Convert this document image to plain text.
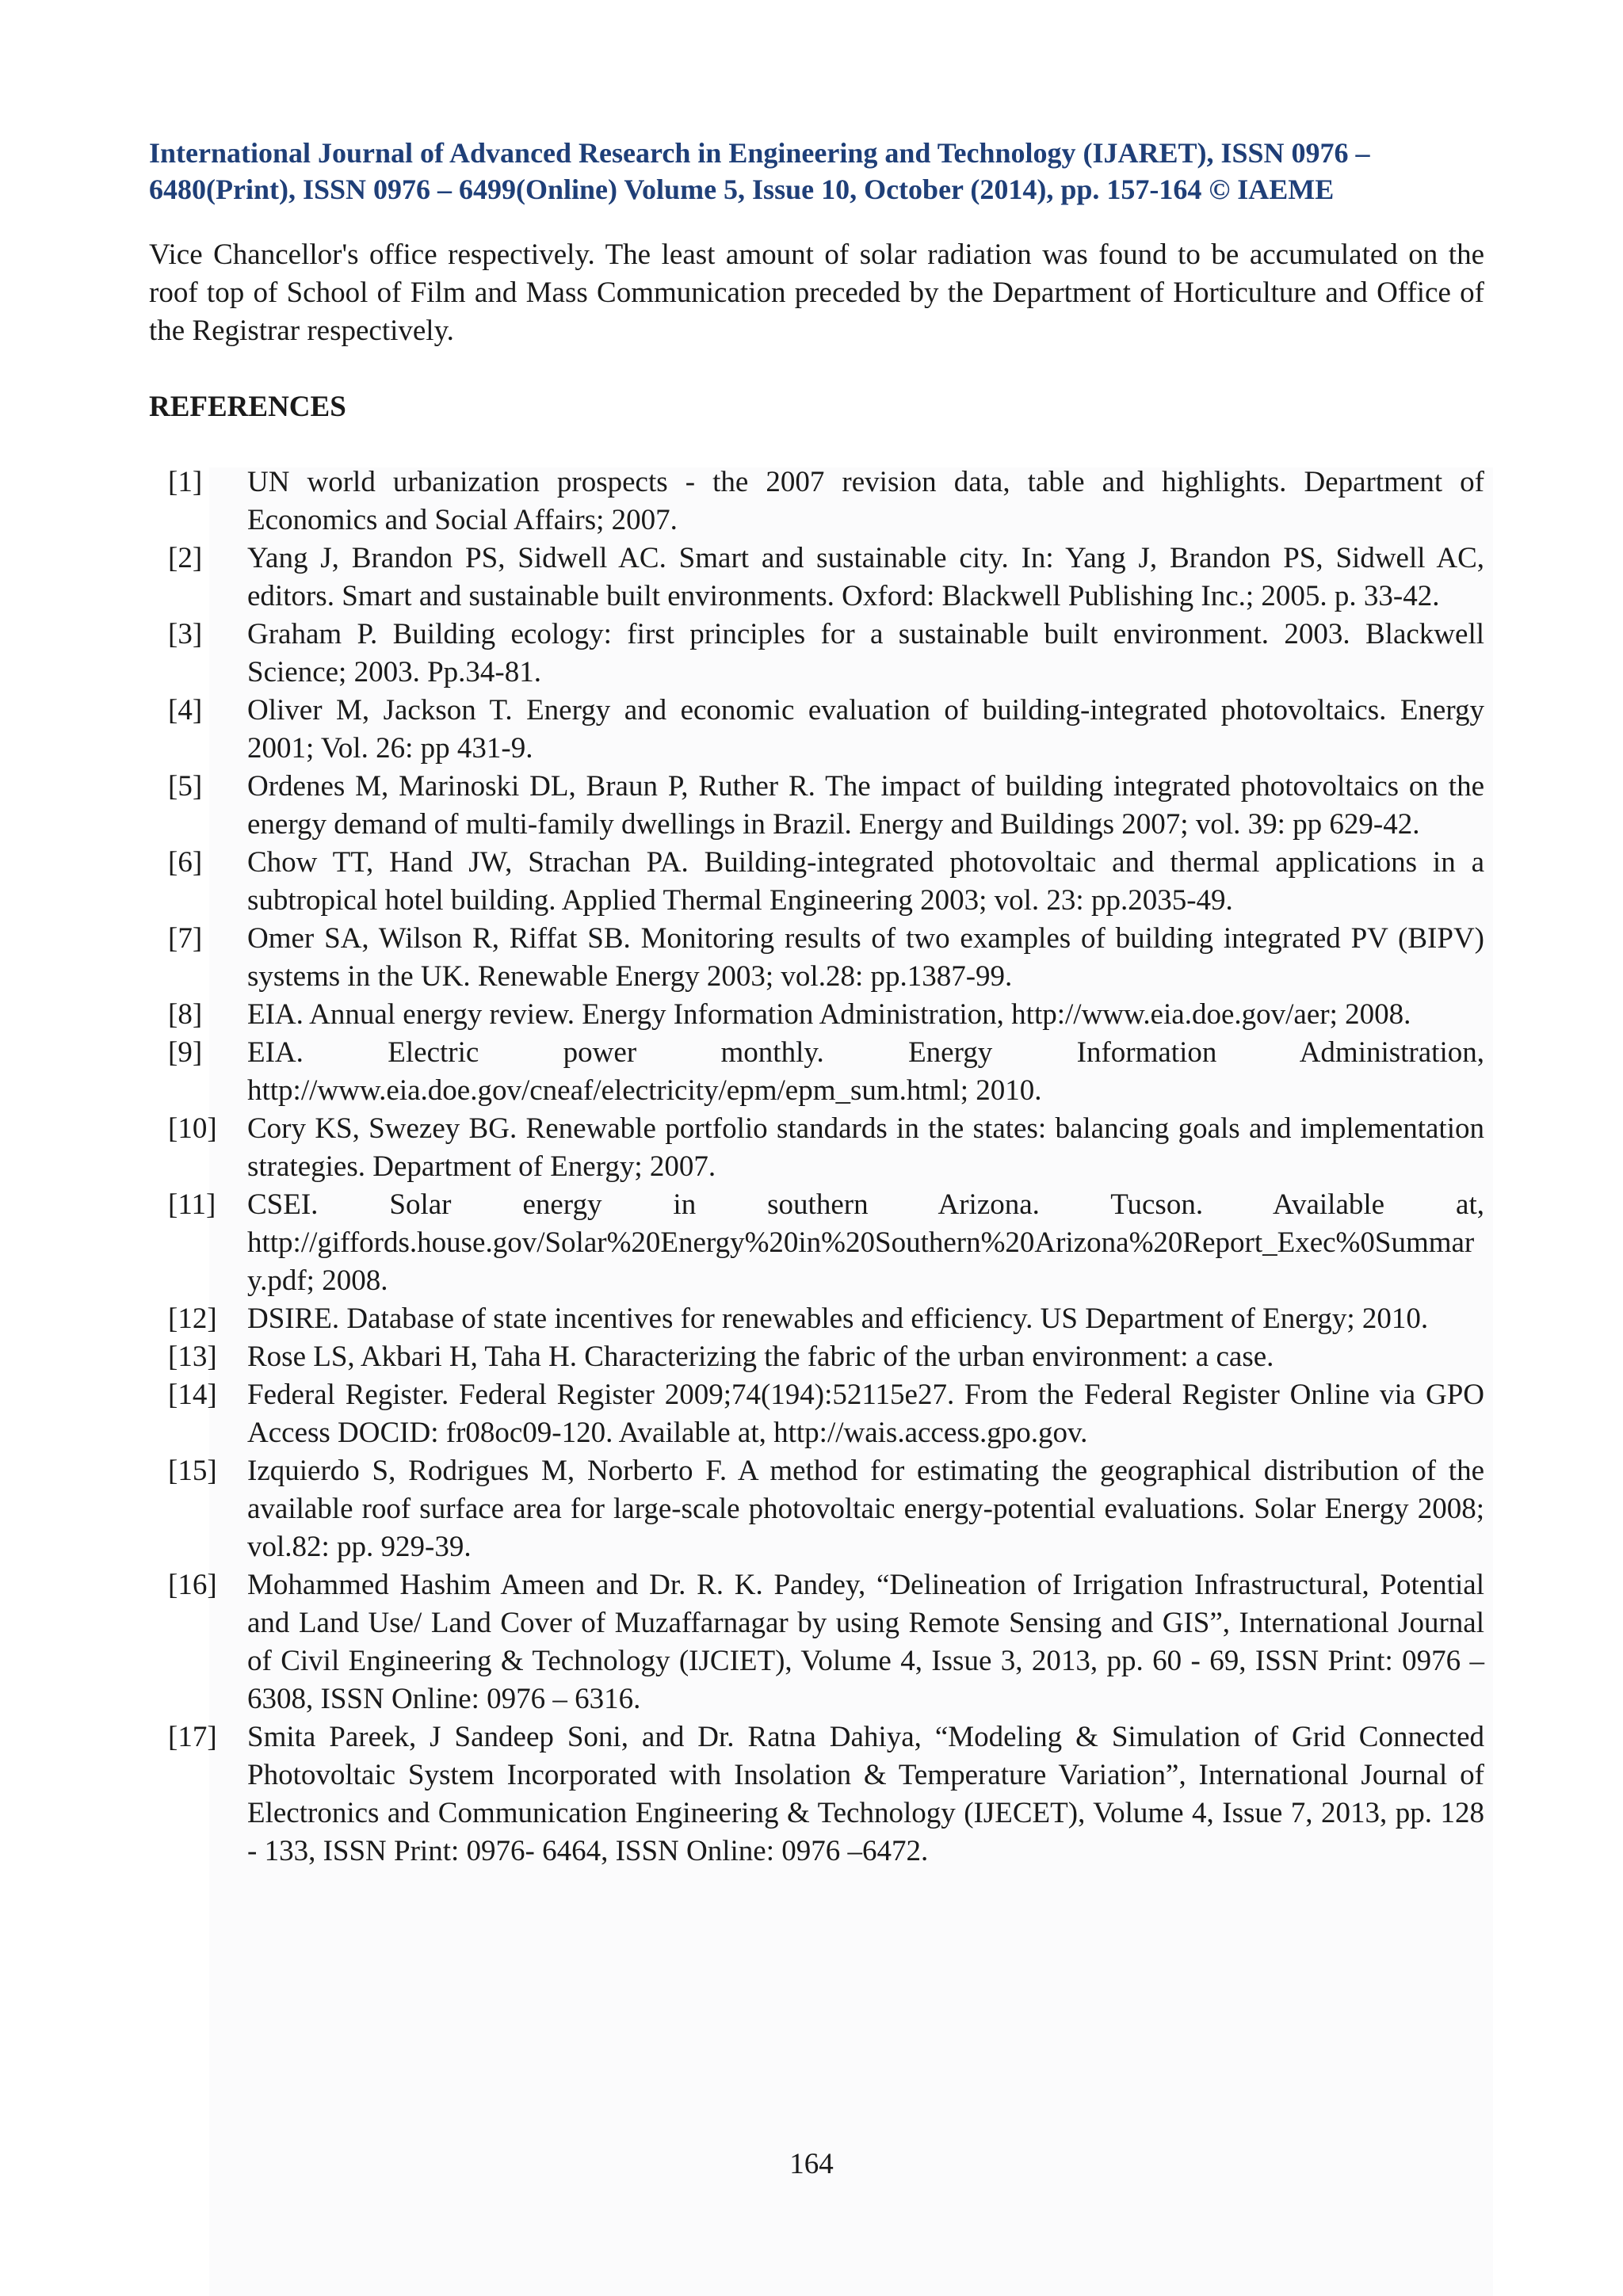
International Journal of Advanced Research in Engineering and Technology (IJARET), ISSN 0976 –
6480(Print), ISSN 0976 – 6499(Online) Volume 5, Issue 10, October (2014), pp. 157-164 © IAEME

Vice Chancellor's office respectively. The least amount of solar radiation was found to be accumulated on the roof top of School of Film and Mass Communication preceded by the Department of Horticulture and Office of the Registrar respectively.

REFERENCES
[1]	UN world urbanization prospects - the 2007 revision data, table and highlights. Department of Economics and Social Affairs; 2007.
[2]	Yang J, Brandon PS, Sidwell AC. Smart and sustainable city. In: Yang J, Brandon PS, Sidwell AC, editors. Smart and sustainable built environments. Oxford: Blackwell Publishing Inc.; 2005. p. 33-42.
[3]	Graham P. Building ecology: first principles for a sustainable built environment. 2003. Blackwell Science; 2003. Pp.34-81.
[4]	Oliver M, Jackson T. Energy and economic evaluation of building-integrated photovoltaics. Energy 2001; Vol. 26: pp 431-9.
[5]	Ordenes M, Marinoski DL, Braun P, Ruther R. The impact of building integrated photovoltaics on the energy demand of multi-family dwellings in Brazil. Energy and Buildings 2007; vol. 39: pp 629-42.
[6]	Chow TT, Hand JW, Strachan PA. Building-integrated photovoltaic and thermal applications in a subtropical hotel building. Applied Thermal Engineering 2003; vol. 23: pp.2035-49.
[7]	Omer SA, Wilson R, Riffat SB. Monitoring results of two examples of building integrated PV (BIPV) systems in the UK. Renewable Energy 2003; vol.28: pp.1387-99.
[8]	EIA. Annual energy review. Energy Information Administration, http://www.eia.doe.gov/aer; 2008.
[9]	EIA. Electric power monthly. Energy Information Administration, http://www.eia.doe.gov/cneaf/electricity/epm/epm_sum.html; 2010.
[10]	Cory KS, Swezey BG. Renewable portfolio standards in the states: balancing goals and implementation strategies. Department of Energy; 2007.
[11]	CSEI. Solar energy in southern Arizona. Tucson. Available at, http://giffords.house.gov/Solar%20Energy%20in%20Southern%20Arizona%20Report_Exec%0Summary.pdf; 2008.
[12]	DSIRE. Database of state incentives for renewables and efficiency. US Department of Energy; 2010.
[13]	Rose LS, Akbari H, Taha H. Characterizing the fabric of the urban environment: a case.
[14]	Federal Register. Federal Register 2009;74(194):52115e27. From the Federal Register Online via GPO Access DOCID: fr08oc09-120. Available at, http://wais.access.gpo.gov.
[15]	Izquierdo S, Rodrigues M, Norberto F. A method for estimating the geographical distribution of the available roof surface area for large-scale photovoltaic energy-potential evaluations. Solar Energy 2008; vol.82: pp. 929-39.
[16]	Mohammed Hashim Ameen and Dr. R. K. Pandey, “Delineation of Irrigation Infrastructural, Potential and Land Use/ Land Cover of Muzaffarnagar by using Remote Sensing and GIS”, International Journal of Civil Engineering & Technology (IJCIET), Volume 4, Issue 3, 2013, pp. 60 - 69, ISSN Print: 0976 – 6308, ISSN Online: 0976 – 6316.
[17]	Smita Pareek, J Sandeep Soni, and Dr. Ratna Dahiya, “Modeling & Simulation of Grid Connected Photovoltaic System Incorporated with Insolation & Temperature Variation”, International Journal of Electronics and Communication Engineering & Technology (IJECET), Volume 4, Issue 7, 2013, pp. 128 - 133, ISSN Print: 0976- 6464, ISSN Online: 0976 –6472.
164
